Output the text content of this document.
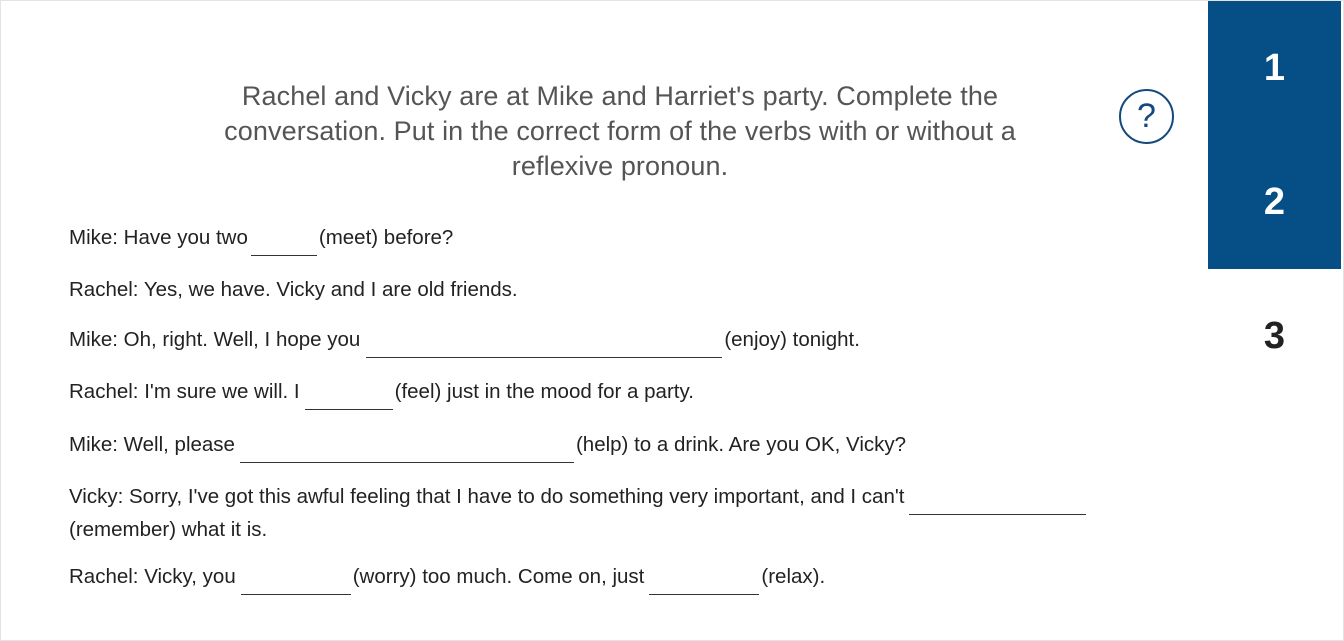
Rachel and Vicky are at Mike and Harriet's party. Complete the conversation. Put in the correct form of the verbs with or without a reflexive pronoun.
?
1
2
3
Mike: Have you two	(meet) before?
Rachel: Yes, we have. Vicky and I are old friends.
Mike: Oh, right. Well, I hope you	(enjoy) tonight.
Rachel: I'm sure we will. I	(feel) just in the mood for a party.
Mike: Well, please	(help) to a drink. Are you OK, Vicky?
Vicky: Sorry, I've got this awful feeling that I have to do something very important, and I can't(remember) what it is.
Rachel: Vicky, you	(worry) too much. Come on, just	(relax).
